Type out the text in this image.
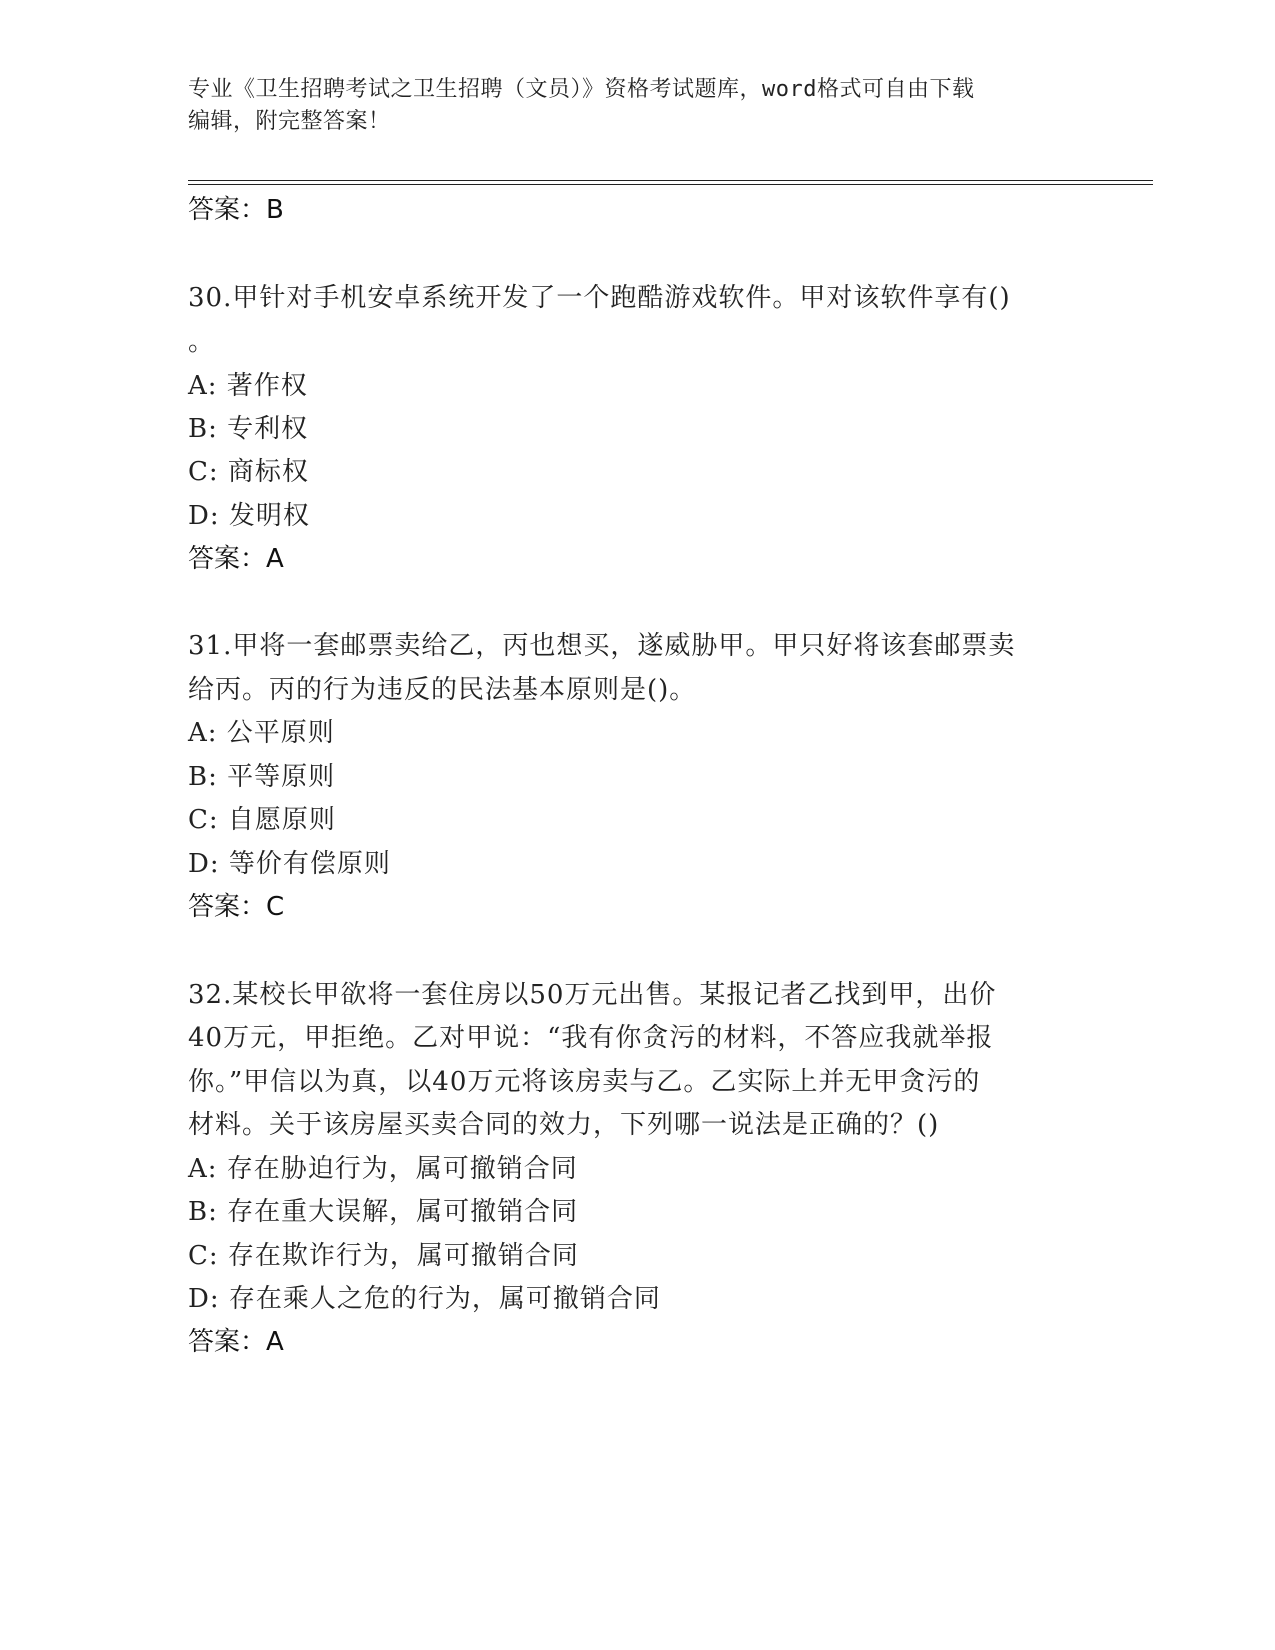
专业《卫生招聘考试之卫生招聘（文员）》资格考试题库，word格式可自由下载
编辑，附完整答案！
答案：B
30.甲针对手机安卓系统开发了一个跑酷游戏软件。甲对该软件享有()
。
A: 著作权
B: 专利权
C: 商标权
D: 发明权
答案：A
31.甲将一套邮票卖给乙，丙也想买，遂威胁甲。甲只好将该套邮票卖
给丙。丙的行为违反的民法基本原则是()。
A: 公平原则
B: 平等原则
C: 自愿原则
D: 等价有偿原则
答案：C
32.某校长甲欲将一套住房以50万元出售。某报记者乙找到甲，出价
40万元，甲拒绝。乙对甲说：“我有你贪污的材料，不答应我就举报
你。”甲信以为真，以40万元将该房卖与乙。乙实际上并无甲贪污的
材料。关于该房屋买卖合同的效力，下列哪一说法是正确的？()
A: 存在胁迫行为，属可撤销合同
B: 存在重大误解，属可撤销合同
C: 存在欺诈行为，属可撤销合同
D: 存在乘人之危的行为，属可撤销合同
答案：A
